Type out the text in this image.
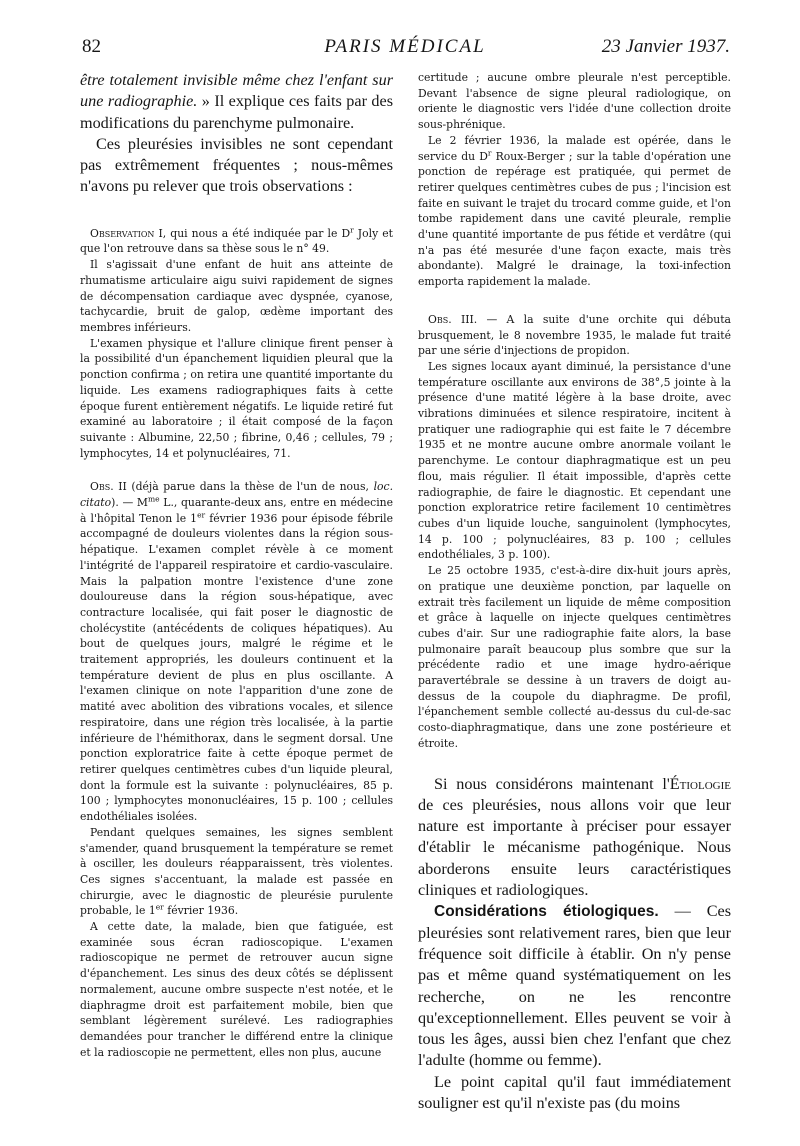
PARIS MÉDICAL
82	23 Janvier 1937.

être totalement invisible même chez l'enfant sur une radiographie. » Il explique ces faits par des modifications du parenchyme pulmonaire.

Ces pleurésies invisibles ne sont cependant pas extrêmement fréquentes ; nous-mêmes n'avons pu relever que trois observations :

Observation I, qui nous a été indiquée par le $D^r$ Joly et que l'on retrouve dans sa thèse sous le n° 49.

Il s'agissait d'une enfant de huit ans atteinte de rhumatisme articulaire aigu suivi rapidement de signes de décompensation cardiaque avec dyspnée, cyanose, tachycardie, bruit de galop, œdème important des membres inférieurs.

L'examen physique et l'allure clinique firent penser à la possibilité d'un épanchement liquidien pleural que la ponction confirma ; on retira une quantité importante du liquide. Les examens radiographiques faits à cette époque furent entièrement négatifs. Le liquide retiré fut examiné au laboratoire ; il était composé de la façon suivante : Albumine, 22,50 ; fibrine, 0,46 ; cellules, 79 ; lymphocytes, 14 et polynucléaires, 71.

Obs. II (déjà parue dans la thèse de l'un de nous, loc. citato). — $M^{me}$ L., quarante-deux ans, entre en médecine à l'hôpital Tenon le 1er février 1936 pour épisode fébrile accompagné de douleurs violentes dans la région sous-hépatique. L'examen complet révèle à ce moment l'intégrité de l'appareil respiratoire et cardio-vasculaire. Mais la palpation montre l'existence d'une zone douloureuse dans la région sous-hépatique, avec contracture localisée, qui fait poser le diagnostic de cholécystite (antécédents de coliques hépatiques). Au bout de quelques jours, malgré le régime et le traitement appropriés, les douleurs continuent et la température devient de plus en plus oscillante. A l'examen clinique on note l'apparition d'une zone de matité avec abolition des vibrations vocales, et silence respiratoire, dans une région très localisée, à la partie inférieure de l'hémithorax, dans le segment dorsal. Une ponction exploratrice faite à cette époque permet de retirer quelques centimètres cubes d'un liquide pleural, dont la formule est la suivante : polynucléaires, 85 p. 100 ; lymphocytes mononucléaires, 15 p. 100 ; cellules endothéliales isolées.

Pendant quelques semaines, les signes semblent s'amender, quand brusquement la température se remet à osciller, les douleurs réapparaissent, très violentes. Ces signes s'accentuant, la malade est passée en chirurgie, avec le diagnostic de pleurésie purulente probable, le 1er février 1936.

A cette date, la malade, bien que fatiguée, est examinée sous écran radioscopique. L'examen radioscopique ne permet de retrouver aucun signe d'épanchement. Les sinus des deux côtés se déplissent normalement, aucune ombre suspecte n'est notée, et le diaphragme droit est parfaitement mobile, bien que semblant légèrement surélevé. Les radiographies demandées pour trancher le différend entre la clinique et la radioscopie ne permettent, elles non plus, aucune

certitude ; aucune ombre pleurale n'est perceptible. Devant l'absence de signe pleural radiologique, on oriente le diagnostic vers l'idée d'une collection droite sous-phrénique.

Le 2 février 1936, la malade est opérée, dans le service du $D^r$ Roux-Berger ; sur la table d'opération une ponction de repérage est pratiquée, qui permet de retirer quelques centimètres cubes de pus ; l'incision est faite en suivant le trajet du trocard comme guide, et l'on tombe rapidement dans une cavité pleurale, remplie d'une quantité importante de pus fétide et verdâtre (qui n'a pas été mesurée d'une façon exacte, mais très abondante). Malgré le drainage, la toxi-infection emporta rapidement la malade.

Obs. III. — A la suite d'une orchite qui débuta brusquement, le 8 novembre 1935, le malade fut traité par une série d'injections de propidon.

Les signes locaux ayant diminué, la persistance d'une température oscillante aux environs de 38°,5 jointe à la présence d'une matité légère à la base droite, avec vibrations diminuées et silence respiratoire, incitent à pratiquer une radiographie qui est faite le 7 décembre 1935 et ne montre aucune ombre anormale voilant le parenchyme. Le contour diaphragmatique est un peu flou, mais régulier. Il était impossible, d'après cette radiographie, de faire le diagnostic. Et cependant une ponction exploratrice retire facilement 10 centimètres cubes d'un liquide louche, sanguinolent (lymphocytes, 14 p. 100 ; polynucléaires, 83 p. 100 ; cellules endothéliales, 3 p. 100).

Le 25 octobre 1935, c'est-à-dire dix-huit jours après, on pratique une deuxième ponction, par laquelle on extrait très facilement un liquide de même composition et grâce à laquelle on injecte quelques centimètres cubes d'air. Sur une radiographie faite alors, la base pulmonaire paraît beaucoup plus sombre que sur la précédente radio et une image hydro-aérique paravertébrale se dessine à un travers de doigt au-dessus de la coupole du diaphragme. De profil, l'épanchement semble collecté au-dessus du cul-de-sac costo-diaphragmatique, dans une zone postérieure et étroite.

Si nous considérons maintenant l'Étiologie de ces pleurésies, nous allons voir que leur nature est importante à préciser pour essayer d'établir le mécanisme pathogénique. Nous aborderons ensuite leurs caractéristiques cliniques et radiologiques.

Considérations étiologiques. — Ces pleurésies sont relativement rares, bien que leur fréquence soit difficile à établir. On n'y pense pas et même quand systématiquement on les recherche, on ne les rencontre qu'exceptionnellement. Elles peuvent se voir à tous les âges, aussi bien chez l'enfant que chez l'adulte (homme ou femme).

Le point capital qu'il faut immédiatement souligner est qu'il n'existe pas (du moins
